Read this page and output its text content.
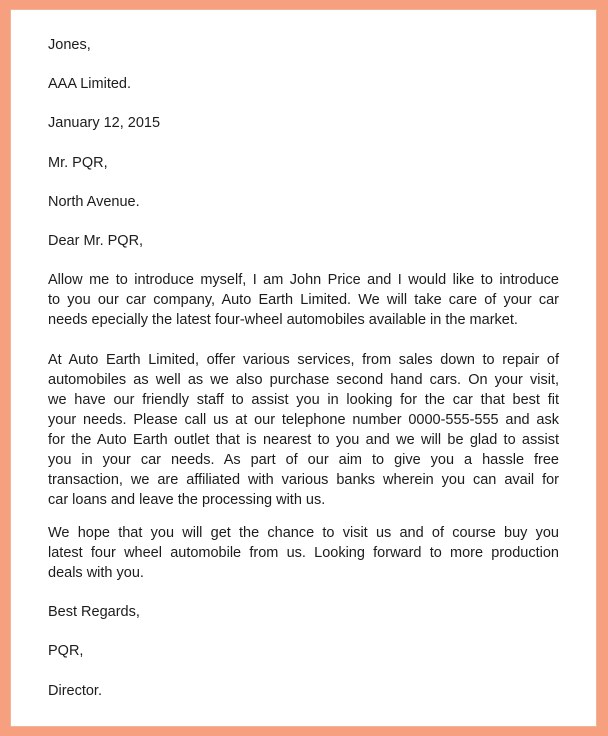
Jones,

AAA Limited.

January 12, 2015

Mr. PQR,

North Avenue.

Dear Mr. PQR,

Allow me to introduce myself, I am John Price and I would like to introduce
to you our car company, Auto Earth Limited. We will take care of your car
needs epecially the latest four-wheel automobiles available in the market.
At Auto Earth Limited, offer various services, from sales down to repair of
automobiles as well as we also purchase second hand cars. On your visit,
we have our friendly staff to assist you in looking for the car that best fit
your needs. Please call us at our telephone number 0000-555-555 and ask
for the Auto Earth outlet that is nearest to you and we will be glad to assist
you in your car needs. As part of our aim to give you a hassle free
transaction, we are affiliated with various banks wherein you can avail for
car loans and leave the processing with us.
We hope that you will get the chance to visit us and of course buy you
latest four wheel automobile from us. Looking forward to more production
deals with you.

Best Regards,

PQR,

Director.
